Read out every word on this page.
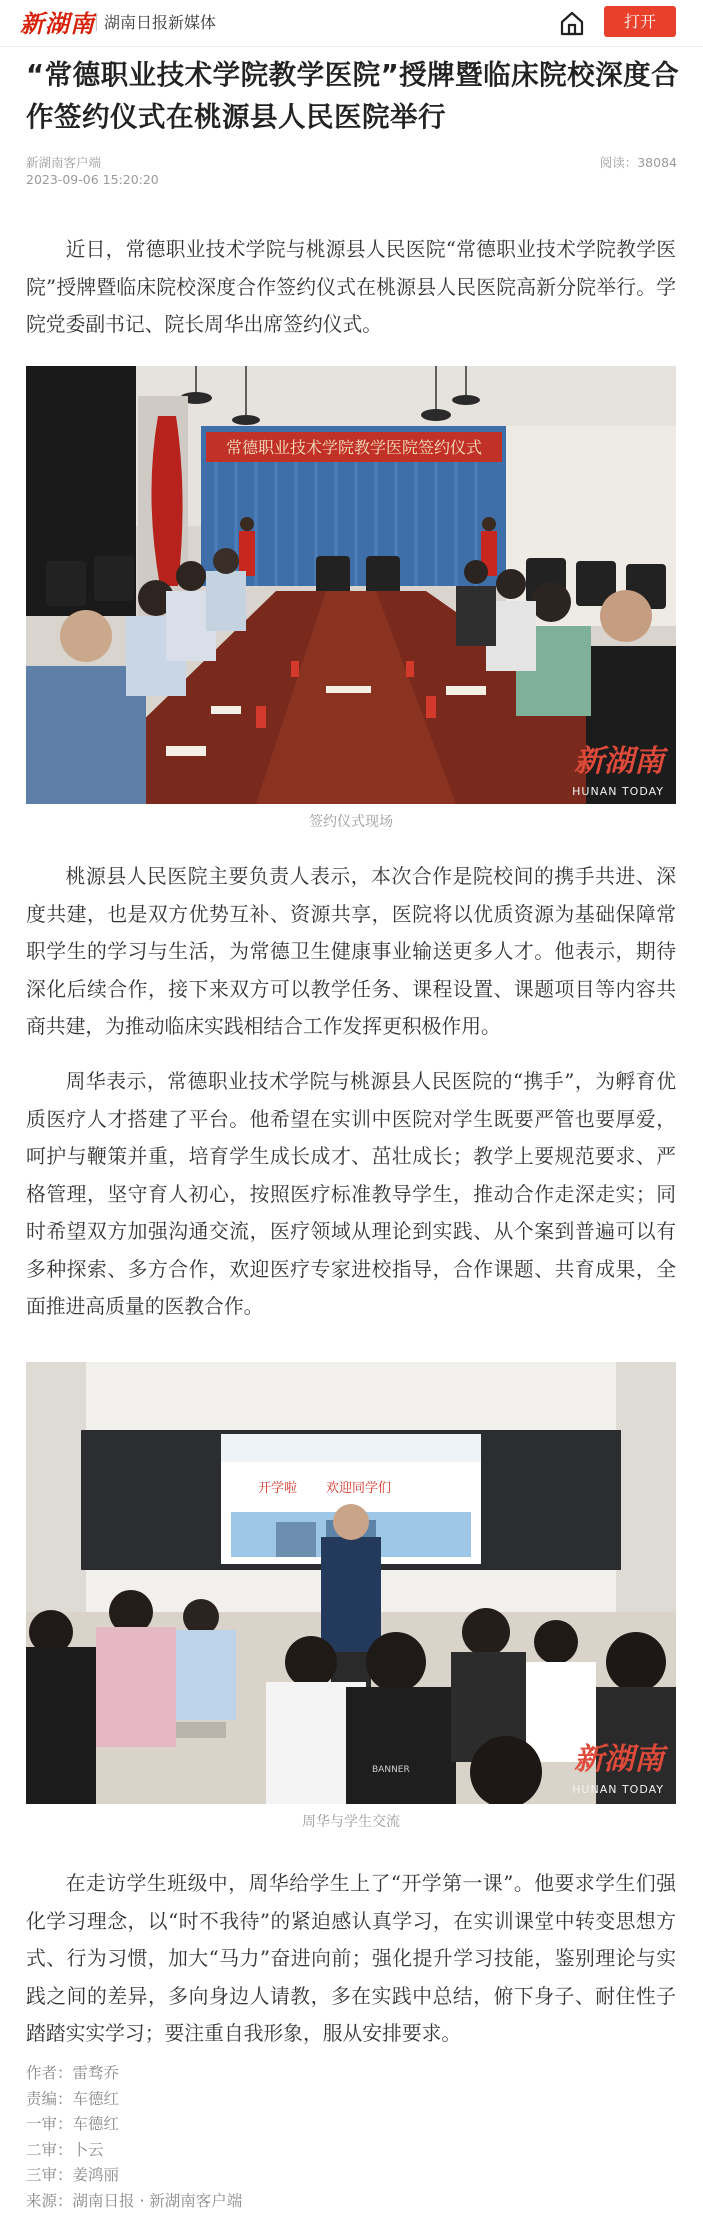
新湖南 湖南日报新媒体	打开
“常德职业技术学院教学医院”授牌暨临床院校深度合作签约仪式在桃源县人民医院举行
新湖南客户端
2023-09-06 15:20:20
阅读：38084

近日，常德职业技术学院与桃源县人民医院“常德职业技术学院教学医院”授牌暨临床院校深度合作签约仪式在桃源县人民医院高新分院举行。学院党委副书记、院长周华出席签约仪式。

常德职业技术学院教学医院签约仪式
新湖南
HUNAN TODAY
签约仪式现场

桃源县人民医院主要负责人表示，本次合作是院校间的携手共进、深度共建，也是双方优势互补、资源共享，医院将以优质资源为基础保障常职学生的学习与生活，为常德卫生健康事业输送更多人才。他表示，期待深化后续合作，接下来双方可以教学任务、课程设置、课题项目等内容共商共建，为推动临床实践相结合工作发挥更积极作用。

周华表示，常德职业技术学院与桃源县人民医院的“携手”，为孵育优质医疗人才搭建了平台。他希望在实训中医院对学生既要严管也要厚爱，呵护与鞭策并重，培育学生成长成才、茁壮成长；教学上要规范要求、严格管理，坚守育人初心，按照医疗标准教导学生，推动合作走深走实；同时希望双方加强沟通交流，医疗领域从理论到实践、从个案到普遍可以有多种探索、多方合作，欢迎医疗专家进校指导，合作课题、共育成果，全面推进高质量的医教合作。

开学啦 欢迎同学们
BANNER	新湖南
HUNAN TODAY
周华与学生交流

在走访学生班级中，周华给学生上了“开学第一课”。他要求学生们强化学习理念，以“时不我待”的紧迫感认真学习，在实训课堂中转变思想方式、行为习惯，加大“马力”奋进向前；强化提升学习技能，鉴别理论与实践之间的差异，多向身边人请教，多在实践中总结，俯下身子、耐住性子踏踏实实学习；要注重自我形象，服从安排要求。

作者：雷骛乔
责编：车德红
一审：车德红
二审：卜云
三审：姜鸿丽
来源：湖南日报 · 新湖南客户端
